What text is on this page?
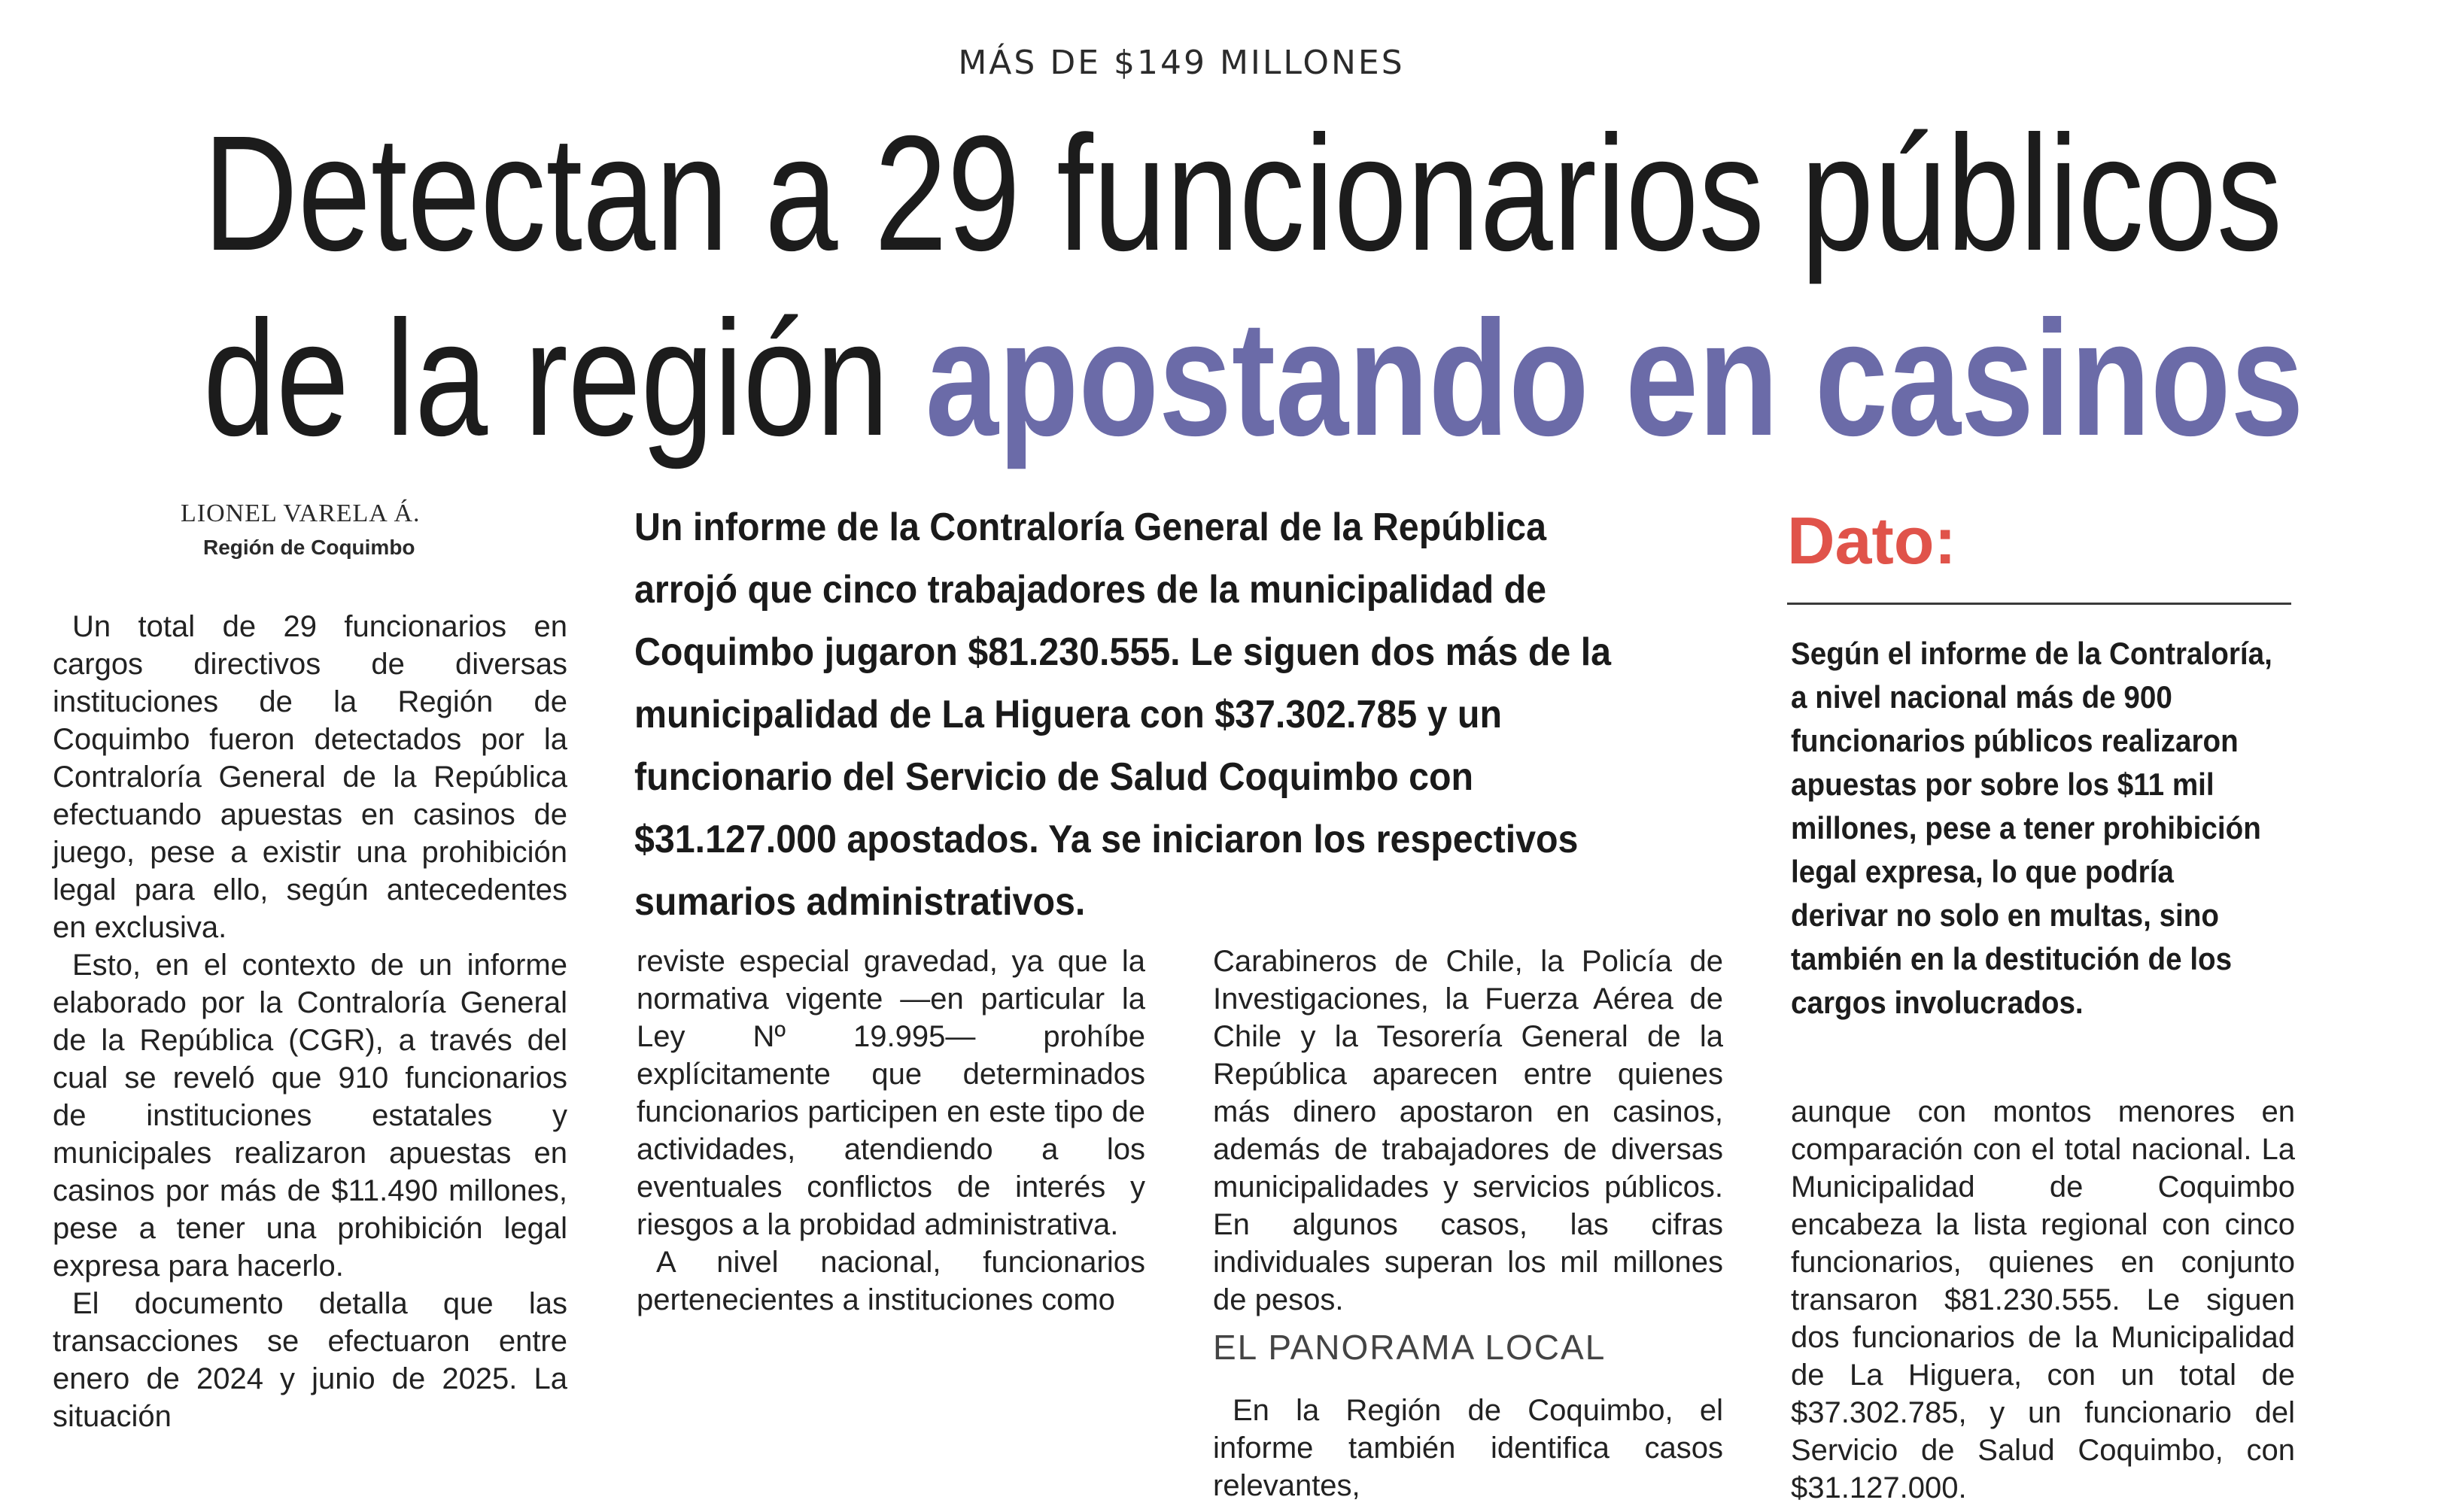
MÁS DE $149 MILLONES
Detectan a 29 funcionarios públicos
de la región apostando en casinos
LIONEL VARELA Á.
Región de Coquimbo	Un informe de la Contraloría General de la República arrojó que cinco trabajadores de la municipalidad de Coquimbo jugaron $81.230.555. Le siguen dos más de la municipalidad de La Higuera con $37.302.785 y un funcionario del Servicio de Salud Coquimbo con $31.127.000 apostados. Ya se iniciaron los respectivos sumarios administrativos.
Dato:
Según el informe de la Contraloría, a nivel nacional más de 900 funcionarios públicos realizaron apuestas por sobre los $11 mil millones, pese a tener prohibición legal expresa, lo que podría derivar no solo en multas, sino también en la destitución de los cargos involucrados.

Un total de 29 funcionarios en cargos directivos de diversas instituciones de la Región de Coquimbo fueron detectados por la Contraloría General de la República efectuando apuestas en casinos de juego, pese a existir una prohibición legal para ello, según antecedentes en exclusiva.

Esto, en el contexto de un informe elaborado por la Contraloría General de la República (CGR), a través del cual se reveló que 910 funcionarios de instituciones estatales y municipales realizaron apuestas en casinos por más de $11.490 millones, pese a tener una prohibición legal expresa para hacerlo.

El documento detalla que las transacciones se efectuaron entre enero de 2024 y junio de 2025. La situación

reviste especial gravedad, ya que la normativa vigente —en particular la Ley Nº 19.995— prohíbe explícitamente que determinados funcionarios participen en este tipo de actividades, atendiendo a los eventuales conflictos de interés y riesgos a la probidad administrativa.

A nivel nacional, funcionarios pertenecientes a instituciones como

Carabineros de Chile, la Policía de Investigaciones, la Fuerza Aérea de Chile y la Tesorería General de la República aparecen entre quienes más dinero apostaron en casinos, además de trabajadores de diversas municipalidades y servicios públicos. En algunos casos, las cifras individuales superan los mil millones de pesos.

EL PANORAMA LOCAL

En la Región de Coquimbo, el informe también identifica casos relevantes,

aunque con montos menores en comparación con el total nacional. La Municipalidad de Coquimbo encabeza la lista regional con cinco funcionarios, quienes en conjunto transaron $81.230.555. Le siguen dos funcionarios de la Municipalidad de La Higuera, con un total de $37.302.785, y un funcionario del Servicio de Salud Coquimbo, con $31.127.000.
